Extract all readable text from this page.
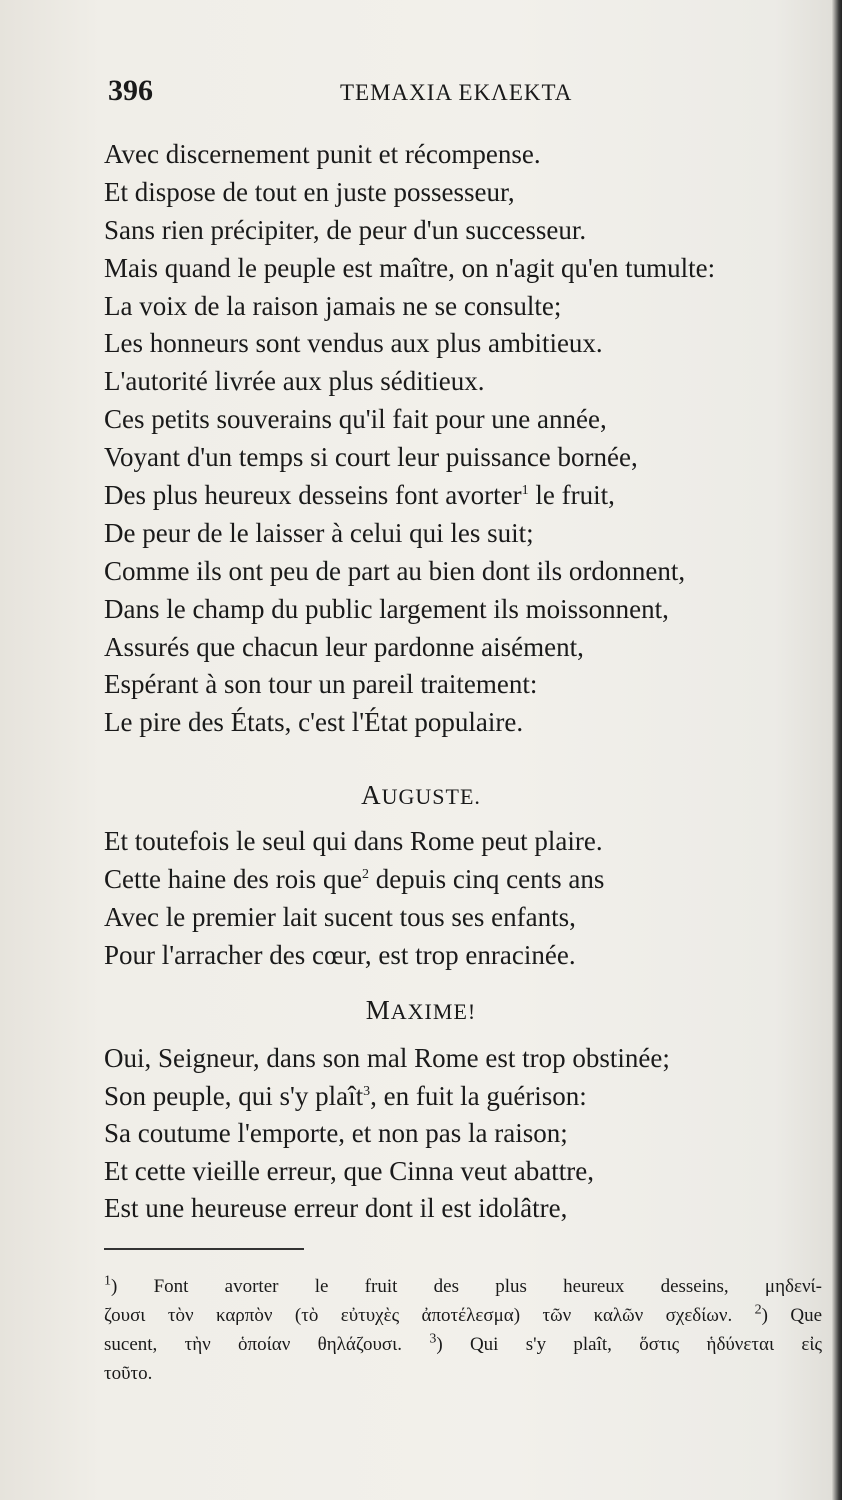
396	TEMAXIA EKΛEKTA
Avec discernement punit et récompense.
Et dispose de tout en juste possesseur,
Sans rien précipiter, de peur d'un successeur.
Mais quand le peuple est maître, on n'agit qu'en tumulte:
La voix de la raison jamais ne se consulte;
Les honneurs sont vendus aux plus ambitieux.
L'autorité livrée aux plus séditieux.
Ces petits souverains qu'il fait pour une année,
Voyant d'un temps si court leur puissance bornée,
Des plus heureux desseins font avorter$^1$ le fruit,
De peur de le laisser à celui qui les suit;
Comme ils ont peu de part au bien dont ils ordonnent,
Dans le champ du public largement ils moissonnent,
Assurés que chacun leur pardonne aisément,
Espérant à son tour un pareil traitement:
Le pire des États, c'est l'État populaire.
AUGUSTE.
Et toutefois le seul qui dans Rome peut plaire.
Cette haine des rois que$^2$ depuis cinq cents ans
Avec le premier lait sucent tous ses enfants,
Pour l'arracher des cœur, est trop enracinée.
MAXIME!
Oui, Seigneur, dans son mal Rome est trop obstinée;
Son peuple, qui s'y plaît$^3$, en fuit la guérison:
Sa coutume l'emporte, et non pas la raison;
Et cette vieille erreur, que Cinna veut abattre,
Est une heureuse erreur dont il est idolâtre,
$^1$) Font avorter le fruit des plus heureux desseins, μηδενί-
ζουσι τὸν καρπὸν (τὸ εὐτυχὲς ἀποτέλεσμα) τῶν καλῶν σχεδίων. $^2$) Que
sucent, τὴν ὁποίαν θηλάζουσι. $^3$) Qui s'y plaît, ὅστις ἡδύνεται εἰς
τοῦτο.
